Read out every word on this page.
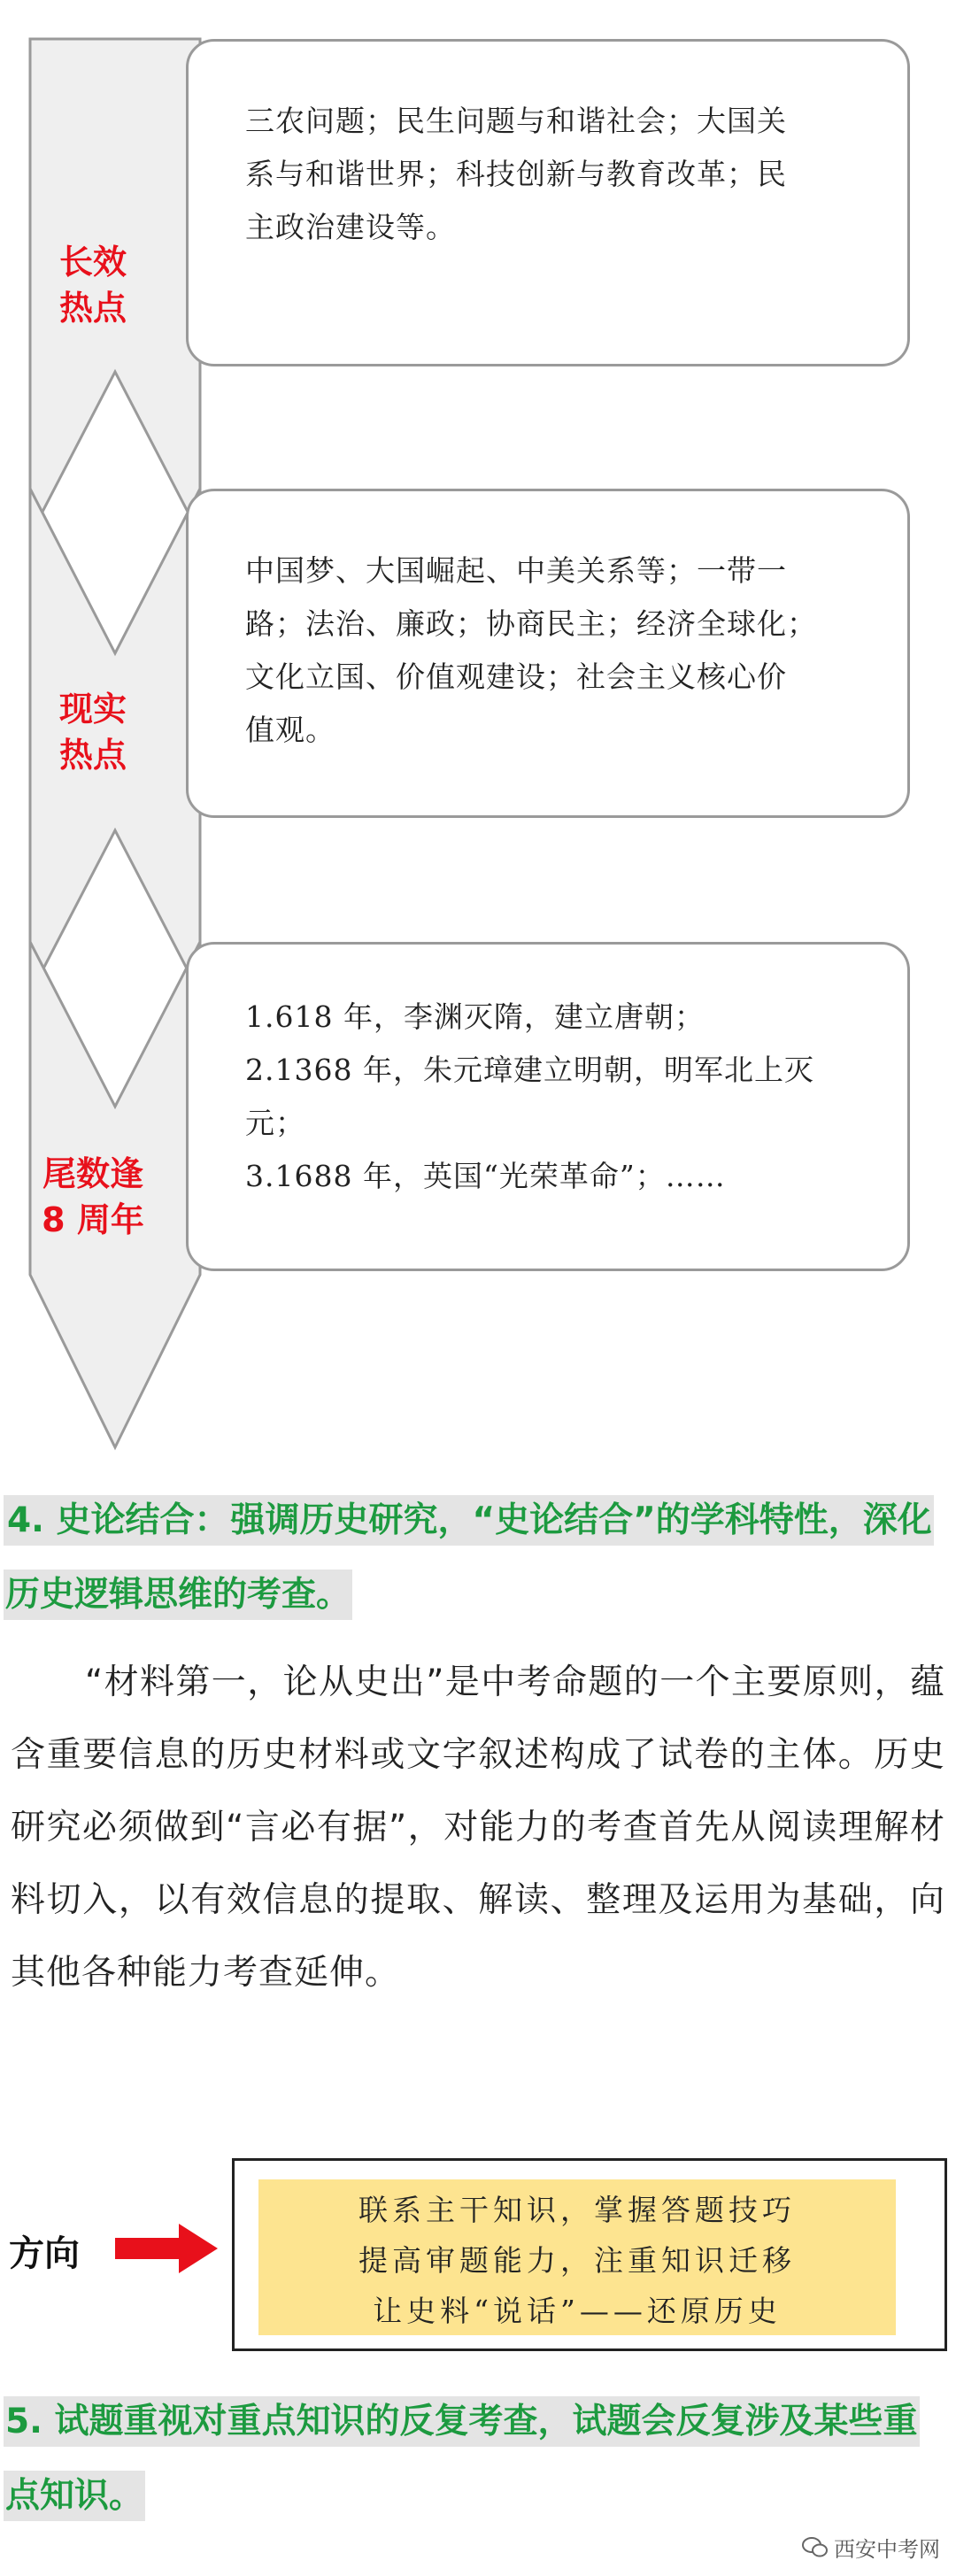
长效
热点

三农问题；民生问题与和谐社会；大国关

系与和谐世界；科技创新与教育改革；民

主政治建设等。

现实
热点

中国梦、大国崛起、中美关系等；一带一

路；法治、廉政；协商民主；经济全球化；

文化立国、价值观建设；社会主义核心价

值观。

尾数逢
8 周年

1.618 年，李渊灭隋，建立唐朝；

2.1368 年，朱元璋建立明朝，明军北上灭

元；

3.1688 年，英国“光荣革命”；……

4. 史论结合：强调历史研究，“史论结合”的学科特性，深化历史逻辑思维的考查。
“材料第一，论从史出”是中考命题的一个主要原则，蕴含重要信息的历史材料或文字叙述构成了试卷的主体。历史研究必须做到“言必有据”，对能力的考查首先从阅读理解材料切入，以有效信息的提取、解读、整理及运用为基础，向其他各种能力考查延伸。
方向
联系主干知识，掌握答题技巧
提高审题能力，注重知识迁移
让史料“说话”——还原历史
5. 试题重视对重点知识的反复考查，试题会反复涉及某些重点知识。
西安中考网
